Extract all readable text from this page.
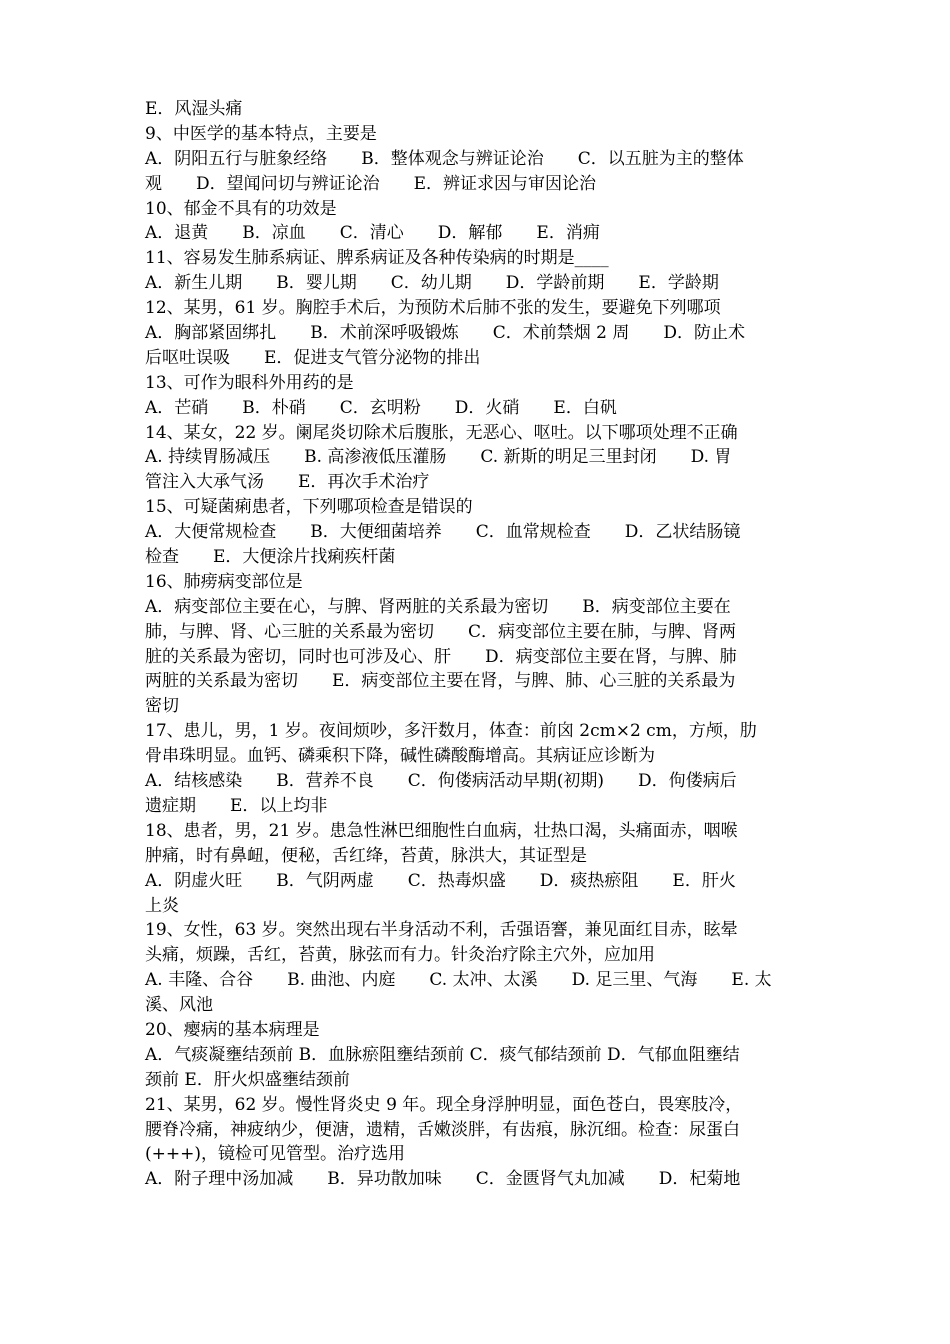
E．风湿头痛
9、中医学的基本特点，主要是
A．阴阳五行与脏象经络　　B．整体观念与辨证论治　　C．以五脏为主的整体
观　　D．望闻问切与辨证论治　　E．辨证求因与审因论治
10、郁金不具有的功效是
A．退黄　　B．凉血　　C．清心　　D．解郁　　E．消痈
11、容易发生肺系病证、脾系病证及各种传染病的时期是____
A．新生儿期　　B．婴儿期　　C．幼儿期　　D．学龄前期　　E．学龄期
12、某男，61 岁。胸腔手术后，为预防术后肺不张的发生，要避免下列哪项
A．胸部紧固绑扎　　B．术前深呼吸锻炼　　C．术前禁烟 2 周　　D．防止术
后呕吐误吸　　E．促进支气管分泌物的排出
13、可作为眼科外用药的是
A．芒硝　　B．朴硝　　C．玄明粉　　D．火硝　　E．白矾
14、某女，22 岁。阑尾炎切除术后腹胀，无恶心、呕吐。以下哪项处理不正确
A. 持续胃肠减压　　B. 高渗液低压灌肠　　C. 新斯的明足三里封闭　　D. 胃
管注入大承气汤　　E．再次手术治疗
15、可疑菌痢患者，下列哪项检查是错误的
A．大便常规检查　　B．大便细菌培养　　C．血常规检查　　D．乙状结肠镜
检查　　E．大便涂片找痢疾杆菌
16、肺痨病变部位是
A．病变部位主要在心，与脾、肾两脏的关系最为密切　　B．病变部位主要在
肺，与脾、肾、心三脏的关系最为密切　　C．病变部位主要在肺，与脾、肾两
脏的关系最为密切，同时也可涉及心、肝　　D．病变部位主要在肾，与脾、肺
两脏的关系最为密切　　E．病变部位主要在肾，与脾、肺、心三脏的关系最为
密切
17、患儿，男，1 岁。夜间烦吵，多汗数月，体查：前囟 2cm×2 cm，方颅，肋
骨串珠明显。血钙、磷乘积下降，碱性磷酸酶增高。其病证应诊断为
A．结核感染　　B．营养不良　　C．佝偻病活动早期(初期)　　D．佝偻病后
遗症期　　E．以上均非
18、患者，男，21 岁。患急性淋巴细胞性白血病，壮热口渴，头痛面赤，咽喉
肿痛，时有鼻衄，便秘，舌红绛，苔黄，脉洪大，其证型是
A．阴虚火旺　　B．气阴两虚　　C．热毒炽盛　　D．痰热瘀阻　　E．肝火
上炎
19、女性，63 岁。突然出现右半身活动不利，舌强语謇，兼见面红目赤，眩晕
头痛，烦躁，舌红，苔黄，脉弦而有力。针灸治疗除主穴外，应加用
A. 丰隆、合谷　　B. 曲池、内庭　　C. 太冲、太溪　　D. 足三里、气海　　E. 太
溪、风池
20、瘿病的基本病理是
A．气痰凝壅结颈前 B．血脉瘀阻壅结颈前 C．痰气郁结颈前 D．气郁血阻壅结
颈前 E．肝火炽盛壅结颈前
21、某男，62 岁。慢性肾炎史 9 年。现全身浮肿明显，面色苍白，畏寒肢冷，
腰脊冷痛，神疲纳少，便溏，遗精，舌嫩淡胖，有齿痕，脉沉细。检查：尿蛋白
(+++)，镜检可见管型。治疗选用
A．附子理中汤加减　　B．异功散加味　　C．金匮肾气丸加减　　D．杞菊地
